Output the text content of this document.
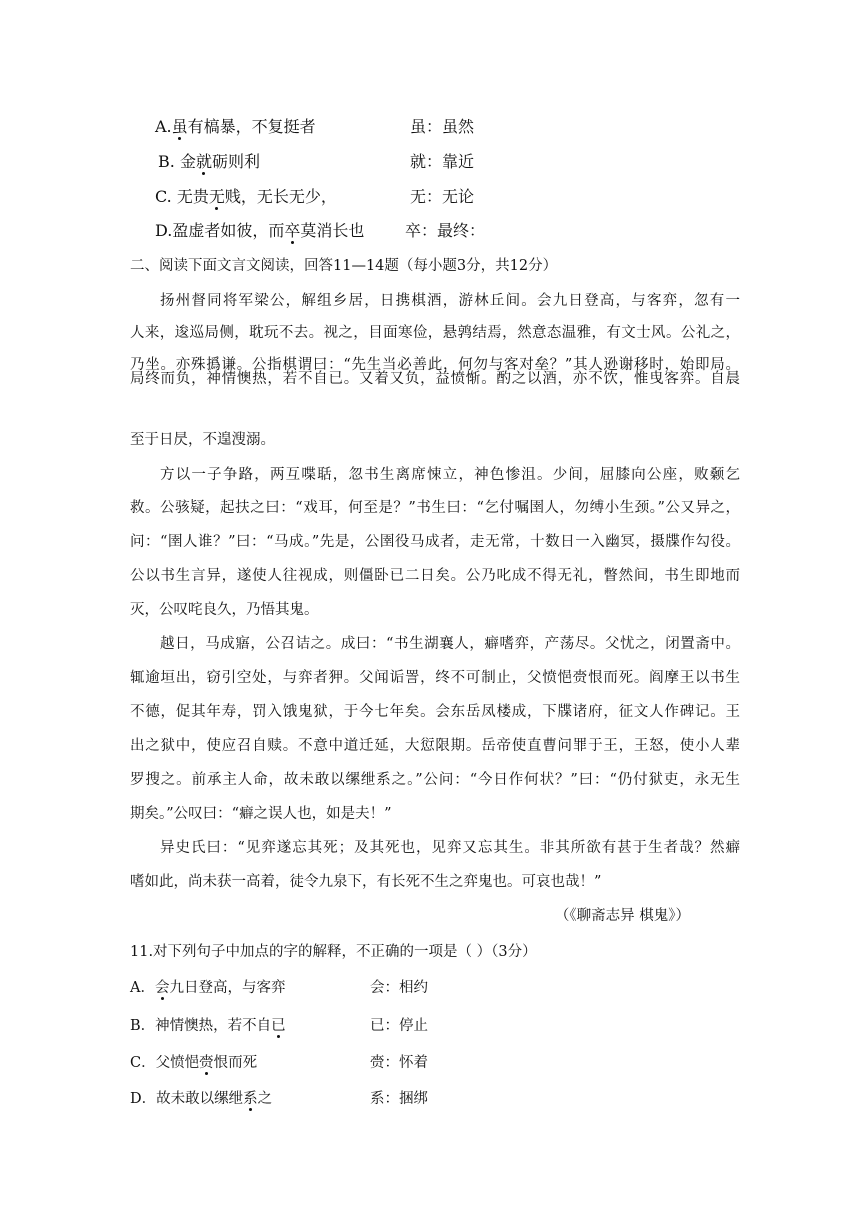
A.虽有槁暴，不复挺者	虽：虽然
B. 金就砺则利	就：靠近
C. 无贵无贱，无长无少，	无：无论
D.盈虚者如彼，而卒莫消长也	卒：最终：
二、阅读下面文言文阅读，回答11—14题（每小题3分，共12分）
扬州督同将军梁公，解组乡居，日携棋酒，游林丘间。会九日登高，与客弈，忽有一
人来，逡巡局侧，耽玩不去。视之，目面寒俭，悬鹑结焉，然意态温雅，有文士风。公礼之，
乃坐。亦殊撝谦。公指棋谓曰：“先生当必善此，何勿与客对垒？”其人逊谢移时，始即局。
局终而负，神情懊热，若不自已。又着又负，益愤惭。酌之以酒，亦不饮，惟曳客弈。自晨
至于日昃，不遑溲溺。
方以一子争路，两互喋聒，忽书生离席悚立，神色惨沮。少间，屈膝向公座，败颡乞
救。公骇疑，起扶之曰：“戏耳，何至是？”书生曰：“乞付嘱圉人，勿缚小生颈。”公又异之，
问：“圉人谁？”曰：“马成。”先是，公圉役马成者，走无常，十数日一入幽冥，摄牒作勾役。
公以书生言异，遂使人往视成，则僵卧已二日矣。公乃叱成不得无礼，瞥然间，书生即地而
灭，公叹咤良久，乃悟其鬼。
越日，马成寤，公召诘之。成曰：“书生湖襄人，癖嗜弈，产荡尽。父忧之，闭置斋中。
辄逾垣出，窃引空处，与弈者狎。父闻诟詈，终不可制止，父愤悒赍恨而死。阎摩王以书生
不德，促其年寿，罚入饿鬼狱，于今七年矣。会东岳凤楼成，下牒诸府，征文人作碑记。王
出之狱中，使应召自赎。不意中道迁延，大愆限期。岳帝使直曹问罪于王，王怒，使小人辈
罗搜之。前承主人命，故未敢以缧绁系之。”公问：“今日作何状？”曰：“仍付狱吏，永无生
期矣。”公叹曰：“癖之误人也，如是夫！”
异史氏曰：“见弈遂忘其死；及其死也，见弈又忘其生。非其所欲有甚于生者哉？然癖
嗜如此，尚未获一高着，徒令九泉下，有长死不生之弈鬼也。可哀也哉！”
（《聊斋志异 棋鬼》）
11.对下列句子中加点的字的解释，不正确的一项是（ ）（3分）
A．会九日登高，与客弈	会：相约
B．神情懊热，若不自已	已：停止
C．父愤悒赍恨而死	赍：怀着
D．故未敢以缧绁系之	系：捆绑
